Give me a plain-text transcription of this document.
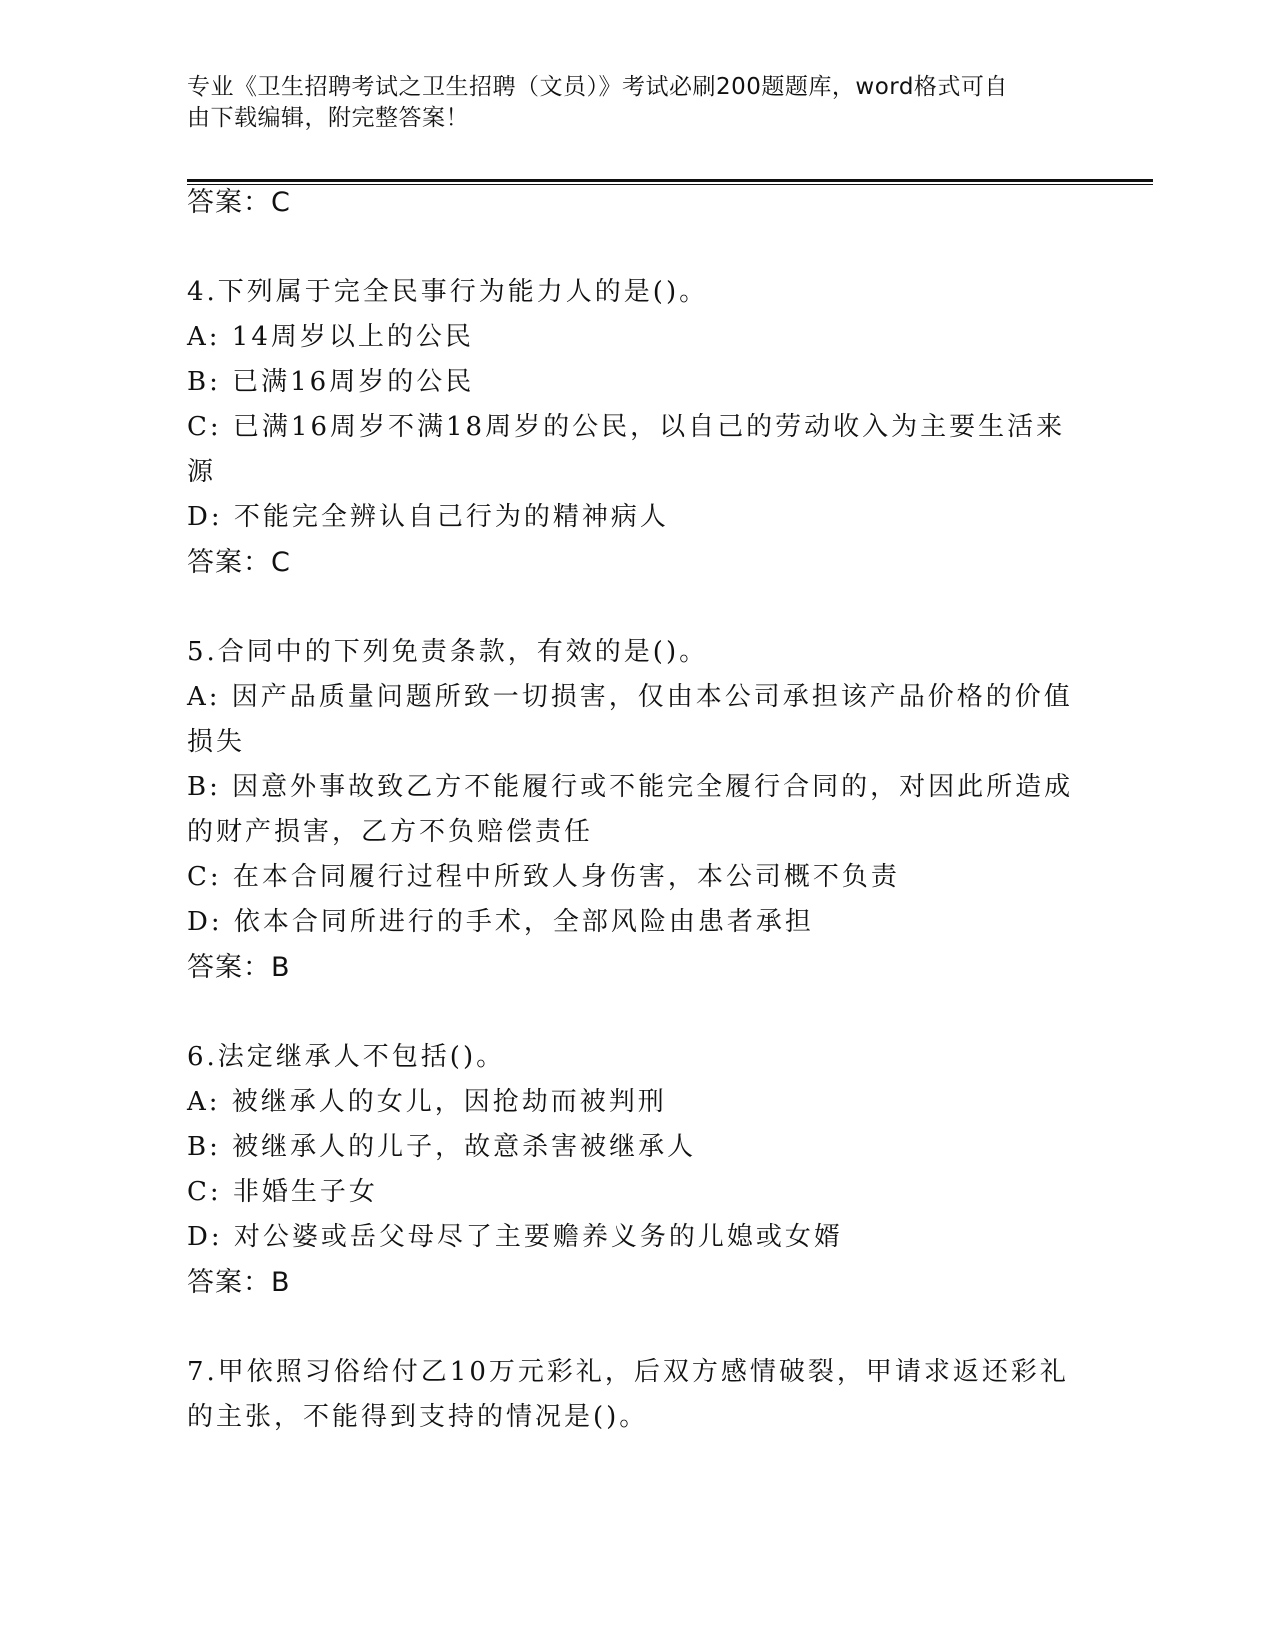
专业《卫生招聘考试之卫生招聘（文员）》考试必刷200题题库，word格式可自
由下载编辑，附完整答案！

答案：C

4.下列属于完全民事行为能力人的是()。

A: 14周岁以上的公民

B: 已满16周岁的公民

C: 已满16周岁不满18周岁的公民，以自己的劳动收入为主要生活来

源

D: 不能完全辨认自己行为的精神病人

答案：C

5.合同中的下列免责条款，有效的是()。

A: 因产品质量问题所致一切损害，仅由本公司承担该产品价格的价值

损失

B: 因意外事故致乙方不能履行或不能完全履行合同的，对因此所造成

的财产损害，乙方不负赔偿责任

C: 在本合同履行过程中所致人身伤害，本公司概不负责

D: 依本合同所进行的手术，全部风险由患者承担

答案：B

6.法定继承人不包括()。

A: 被继承人的女儿，因抢劫而被判刑

B: 被继承人的儿子，故意杀害被继承人

C: 非婚生子女

D: 对公婆或岳父母尽了主要赡养义务的儿媳或女婿

答案：B

7.甲依照习俗给付乙10万元彩礼，后双方感情破裂，甲请求返还彩礼

的主张，不能得到支持的情况是()。
